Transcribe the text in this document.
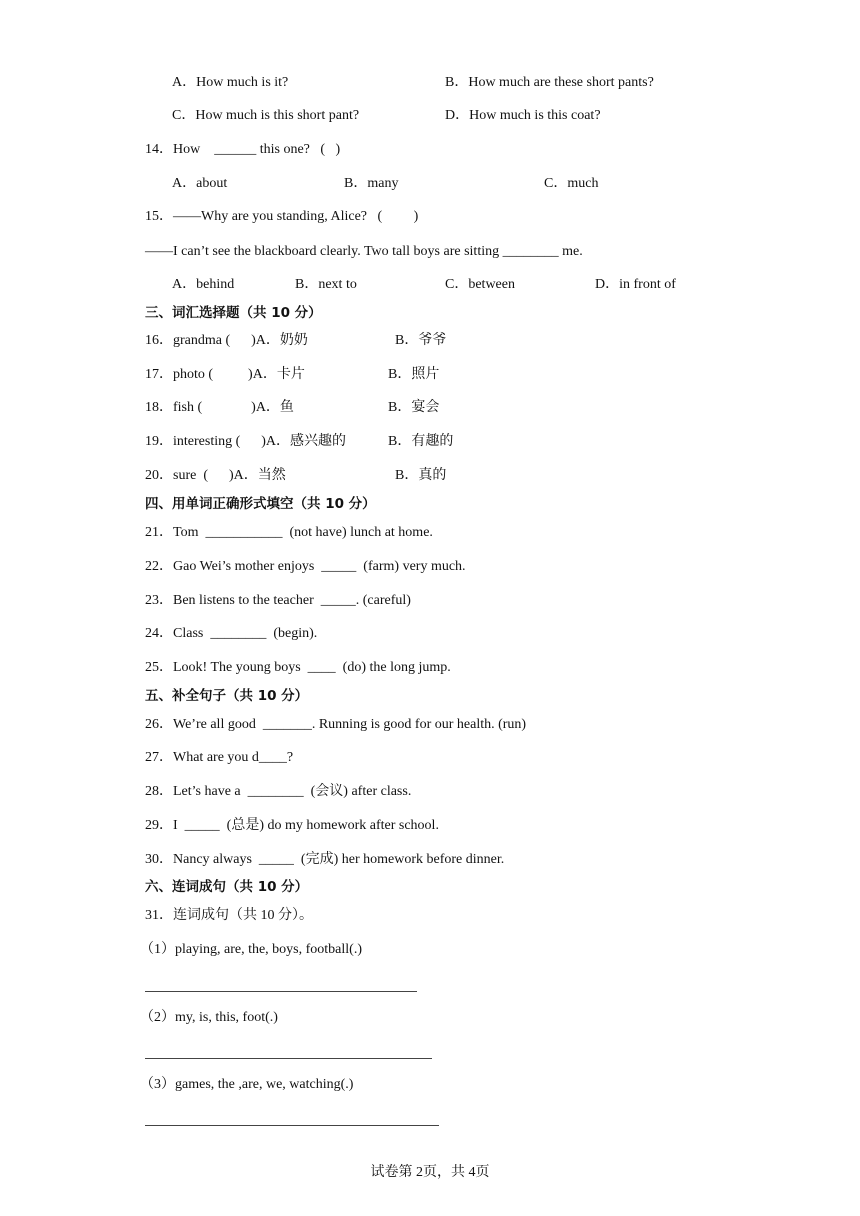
A．How much is it?	B．How much are these short pants?
C．How much is this short pant?	D．How much is this coat?
14．How    ______ this one?   (   )
A．about	B．many	C．much
15．——Why are you standing, Alice?   (         )
——I can’t see the blackboard clearly. Two tall boys are sitting ________ me.
A．behind	B．next to	C．between	D．in front of
三、词汇选择题（共 10 分）
16．grandma (      )A．奶奶	B．爷爷
17．photo (          )A．卡片	B．照片
18．fish (              )A．鱼	B．宴会
19．interesting (      )A．感兴趣的	B．有趣的
20．sure  (      )A．当然	B．真的
四、用单词正确形式填空（共 10 分）
21．Tom  ___________  (not have) lunch at home.
22．Gao Wei’s mother enjoys  _____  (farm) very much.
23．Ben listens to the teacher  _____. (careful)
24．Class  ________  (begin).
25．Look! The young boys  ____  (do) the long jump.
五、补全句子（共 10 分）
26．We’re all good  _______. Running is good for our health. (run)
27．What are you d____?
28．Let’s have a  ________  (会议) after class.
29．I  _____  (总是) do my homework after school.
30．Nancy always  _____  (完成) her homework before dinner.
六、连词成句（共 10 分）
31．连词成句（共 10 分）。
（1）playing, are, the, boys, football(.)
（2）my, is, this, foot(.)
（3）games, the ,are, we, watching(.)
试卷第 2页，共 4页
